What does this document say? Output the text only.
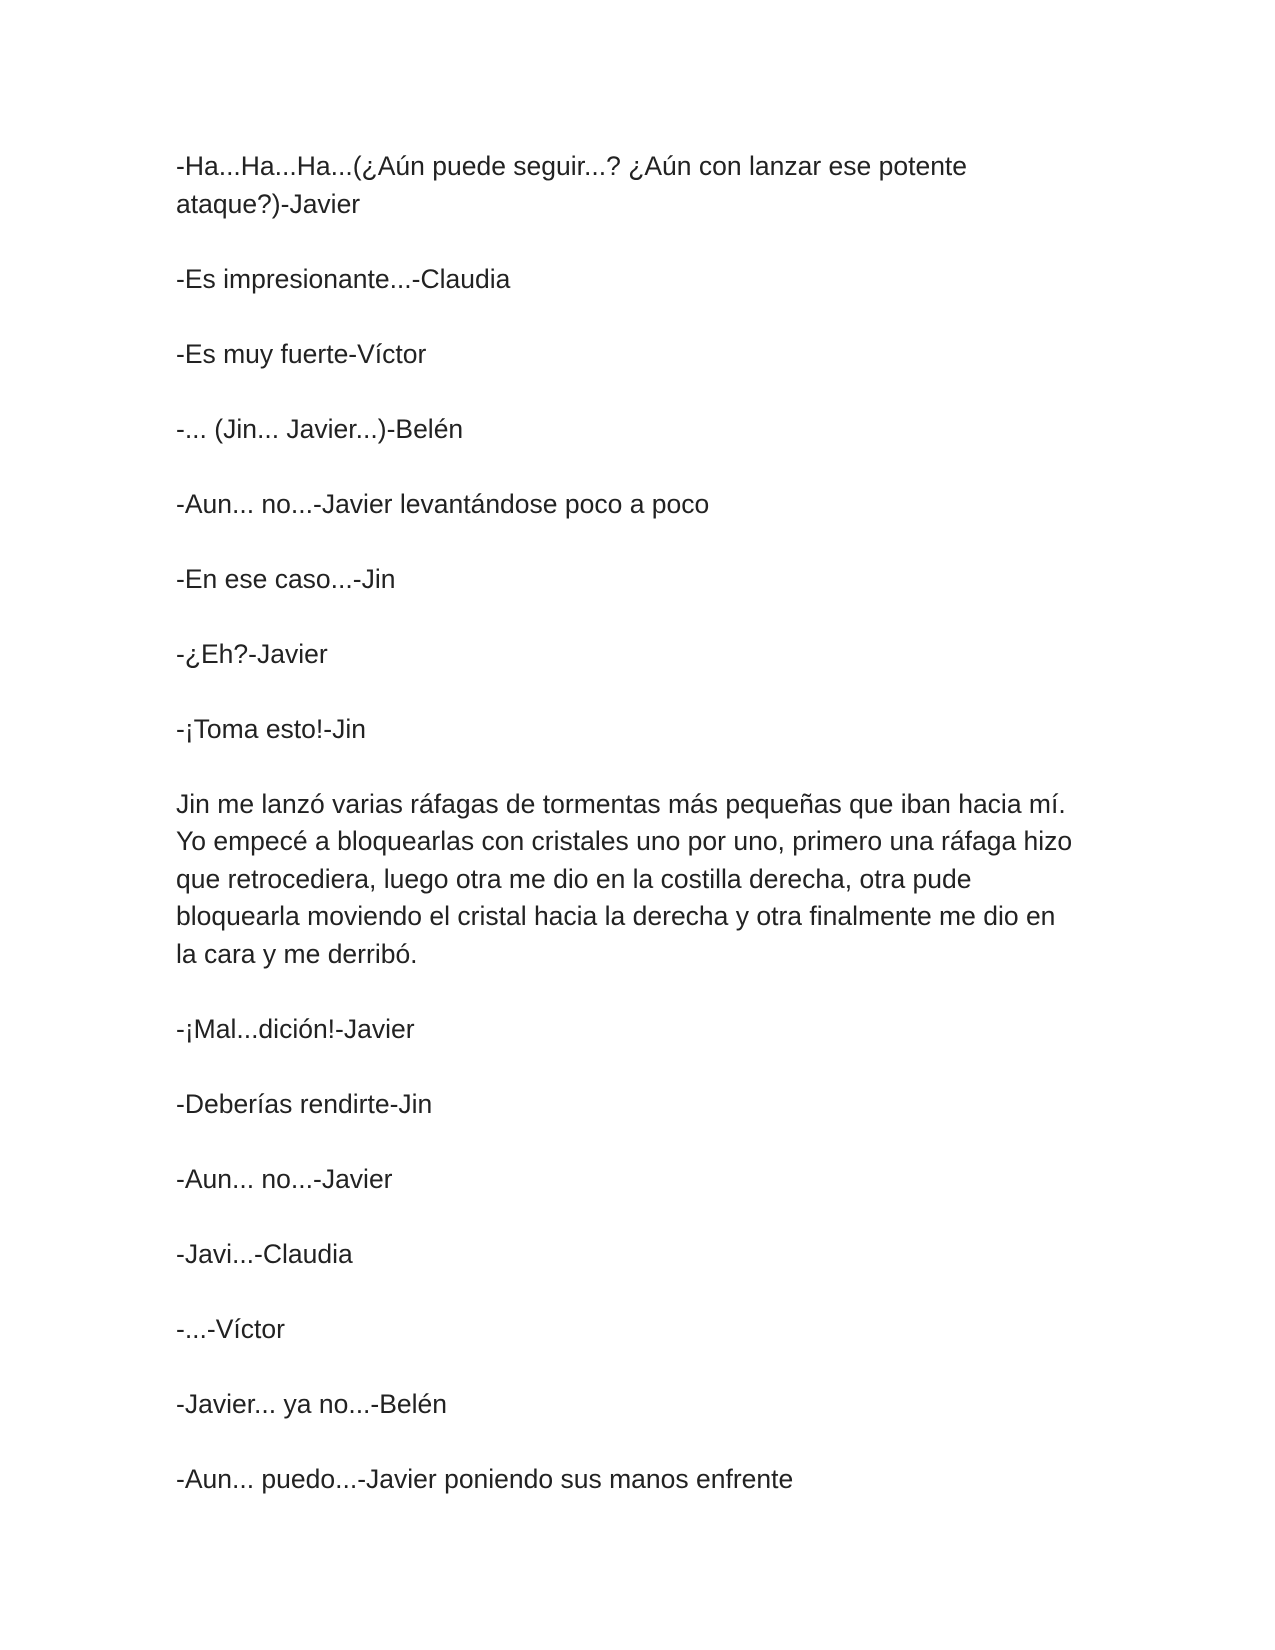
-Ha...Ha...Ha...(¿Aún puede seguir...? ¿Aún con lanzar ese potente ataque?)-Javier

-Es impresionante...-Claudia

-Es muy fuerte-Víctor

-... (Jin... Javier...)-Belén

-Aun... no...-Javier levantándose poco a poco

-En ese caso...-Jin

-¿Eh?-Javier

-¡Toma esto!-Jin

Jin me lanzó varias ráfagas de tormentas más pequeñas que iban hacia mí. Yo empecé a bloquearlas con cristales uno por uno, primero una ráfaga hizo que retrocediera, luego otra me dio en la costilla derecha, otra pude bloquearla moviendo el cristal hacia la derecha y otra finalmente me dio en la cara y me derribó.

-¡Mal...dición!-Javier

-Deberías rendirte-Jin

-Aun... no...-Javier

-Javi...-Claudia

-...-Víctor

-Javier... ya no...-Belén

-Aun... puedo...-Javier poniendo sus manos enfrente
